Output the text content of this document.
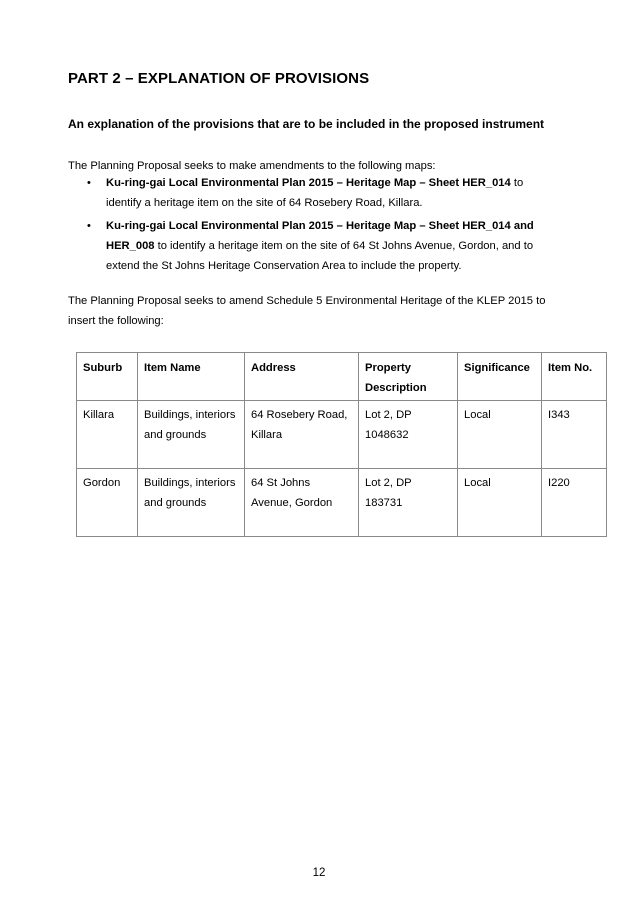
PART 2 – EXPLANATION OF PROVISIONS
An explanation of the provisions that are to be included in the proposed instrument

The Planning Proposal seeks to make amendments to the following maps:

• Ku-ring-gai Local Environmental Plan 2015 – Heritage Map – Sheet HER_014 to identify a heritage item on the site of 64 Rosebery Road, Killara.
• Ku-ring-gai Local Environmental Plan 2015 – Heritage Map – Sheet HER_014 and HER_008 to identify a heritage item on the site of 64 St Johns Avenue, Gordon, and to extend the St Johns Heritage Conservation Area to include the property.

The Planning Proposal seeks to amend Schedule 5 Environmental Heritage of the KLEP 2015 to insert the following:

Suburb	Item Name	Address	Property Description	Significance	Item No.
Killara	Buildings, interiors and grounds	64 Rosebery Road, Killara	Lot 2, DP 1048632	Local	I343
Gordon	Buildings, interiors and grounds	64 St Johns Avenue, Gordon	Lot 2, DP 183731	Local	I220
12
